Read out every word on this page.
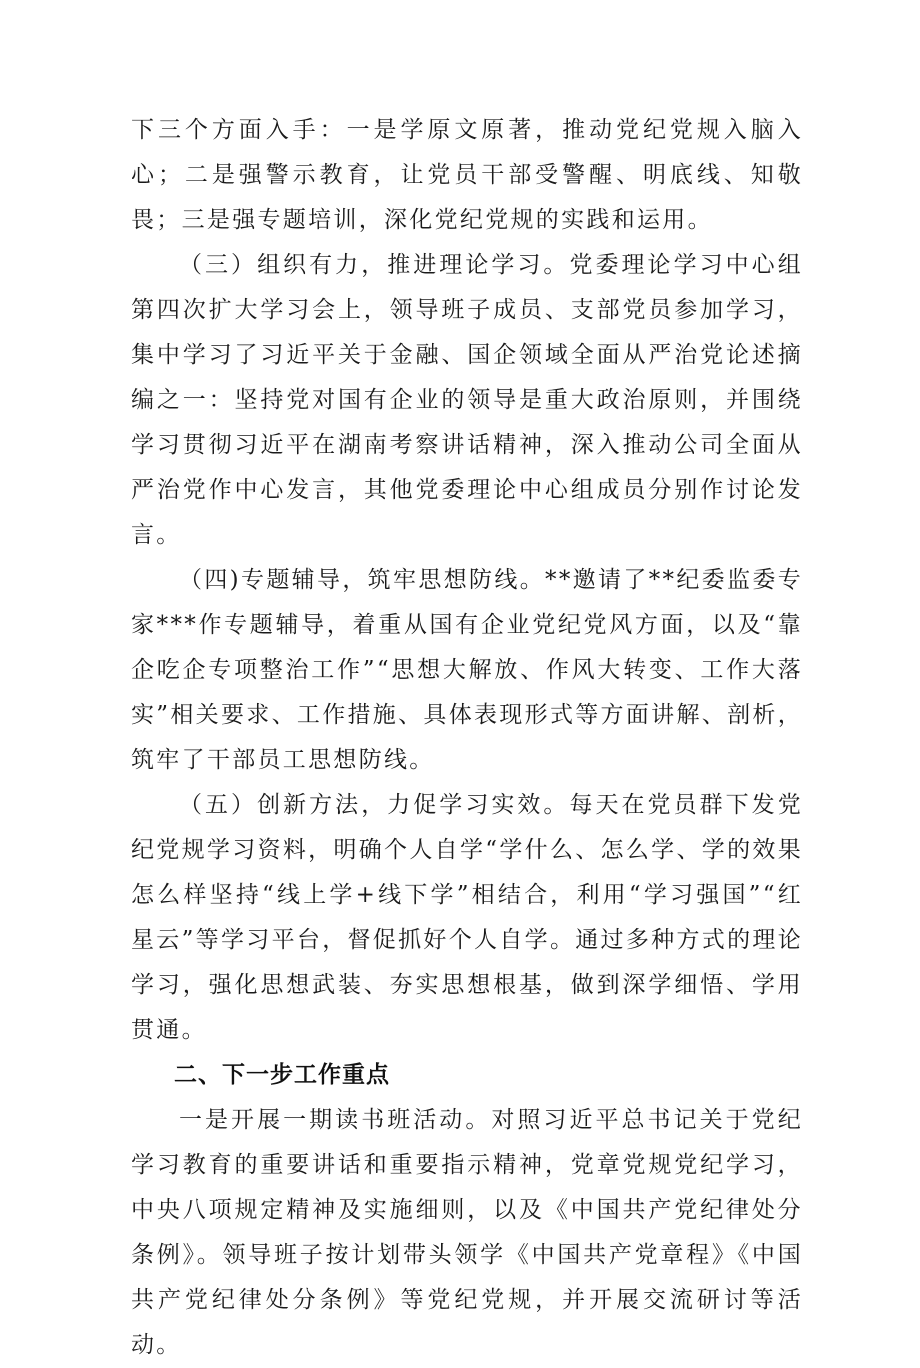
下三个方面入手：一是学原文原著，推动党纪党规入脑入心；二是强警示教育，让党员干部受警醒、明底线、知敬畏；三是强专题培训，深化党纪党规的实践和运用。

（三）组织有力，推进理论学习。党委理论学习中心组第四次扩大学习会上，领导班子成员、支部党员参加学习，集中学习了习近平关于金融、国企领域全面从严治党论述摘编之一：坚持党对国有企业的领导是重大政治原则，并围绕学习贯彻习近平在湖南考察讲话精神，深入推动公司全面从严治党作中心发言，其他党委理论中心组成员分别作讨论发言。

（四)专题辅导，筑牢思想防线。**邀请了**纪委监委专家***作专题辅导，着重从国有企业党纪党风方面，以及“靠企吃企专项整治工作”“思想大解放、作风大转变、工作大落实”相关要求、工作措施、具体表现形式等方面讲解、剖析，筑牢了干部员工思想防线。

（五）创新方法，力促学习实效。每天在党员群下发党纪党规学习资料，明确个人自学“学什么、怎么学、学的效果怎么样坚持“线上学+线下学”相结合，利用“学习强国”“红星云”等学习平台，督促抓好个人自学。通过多种方式的理论学习，强化思想武装、夯实思想根基，做到深学细悟、学用贯通。

二、下一步工作重点

一是开展一期读书班活动。对照习近平总书记关于党纪学习教育的重要讲话和重要指示精神，党章党规党纪学习，中央八项规定精神及实施细则，以及《中国共产党纪律处分条例》。领导班子按计划带头领学《中国共产党章程》《中国共产党纪律处分条例》等党纪党规，并开展交流研讨等活动。
